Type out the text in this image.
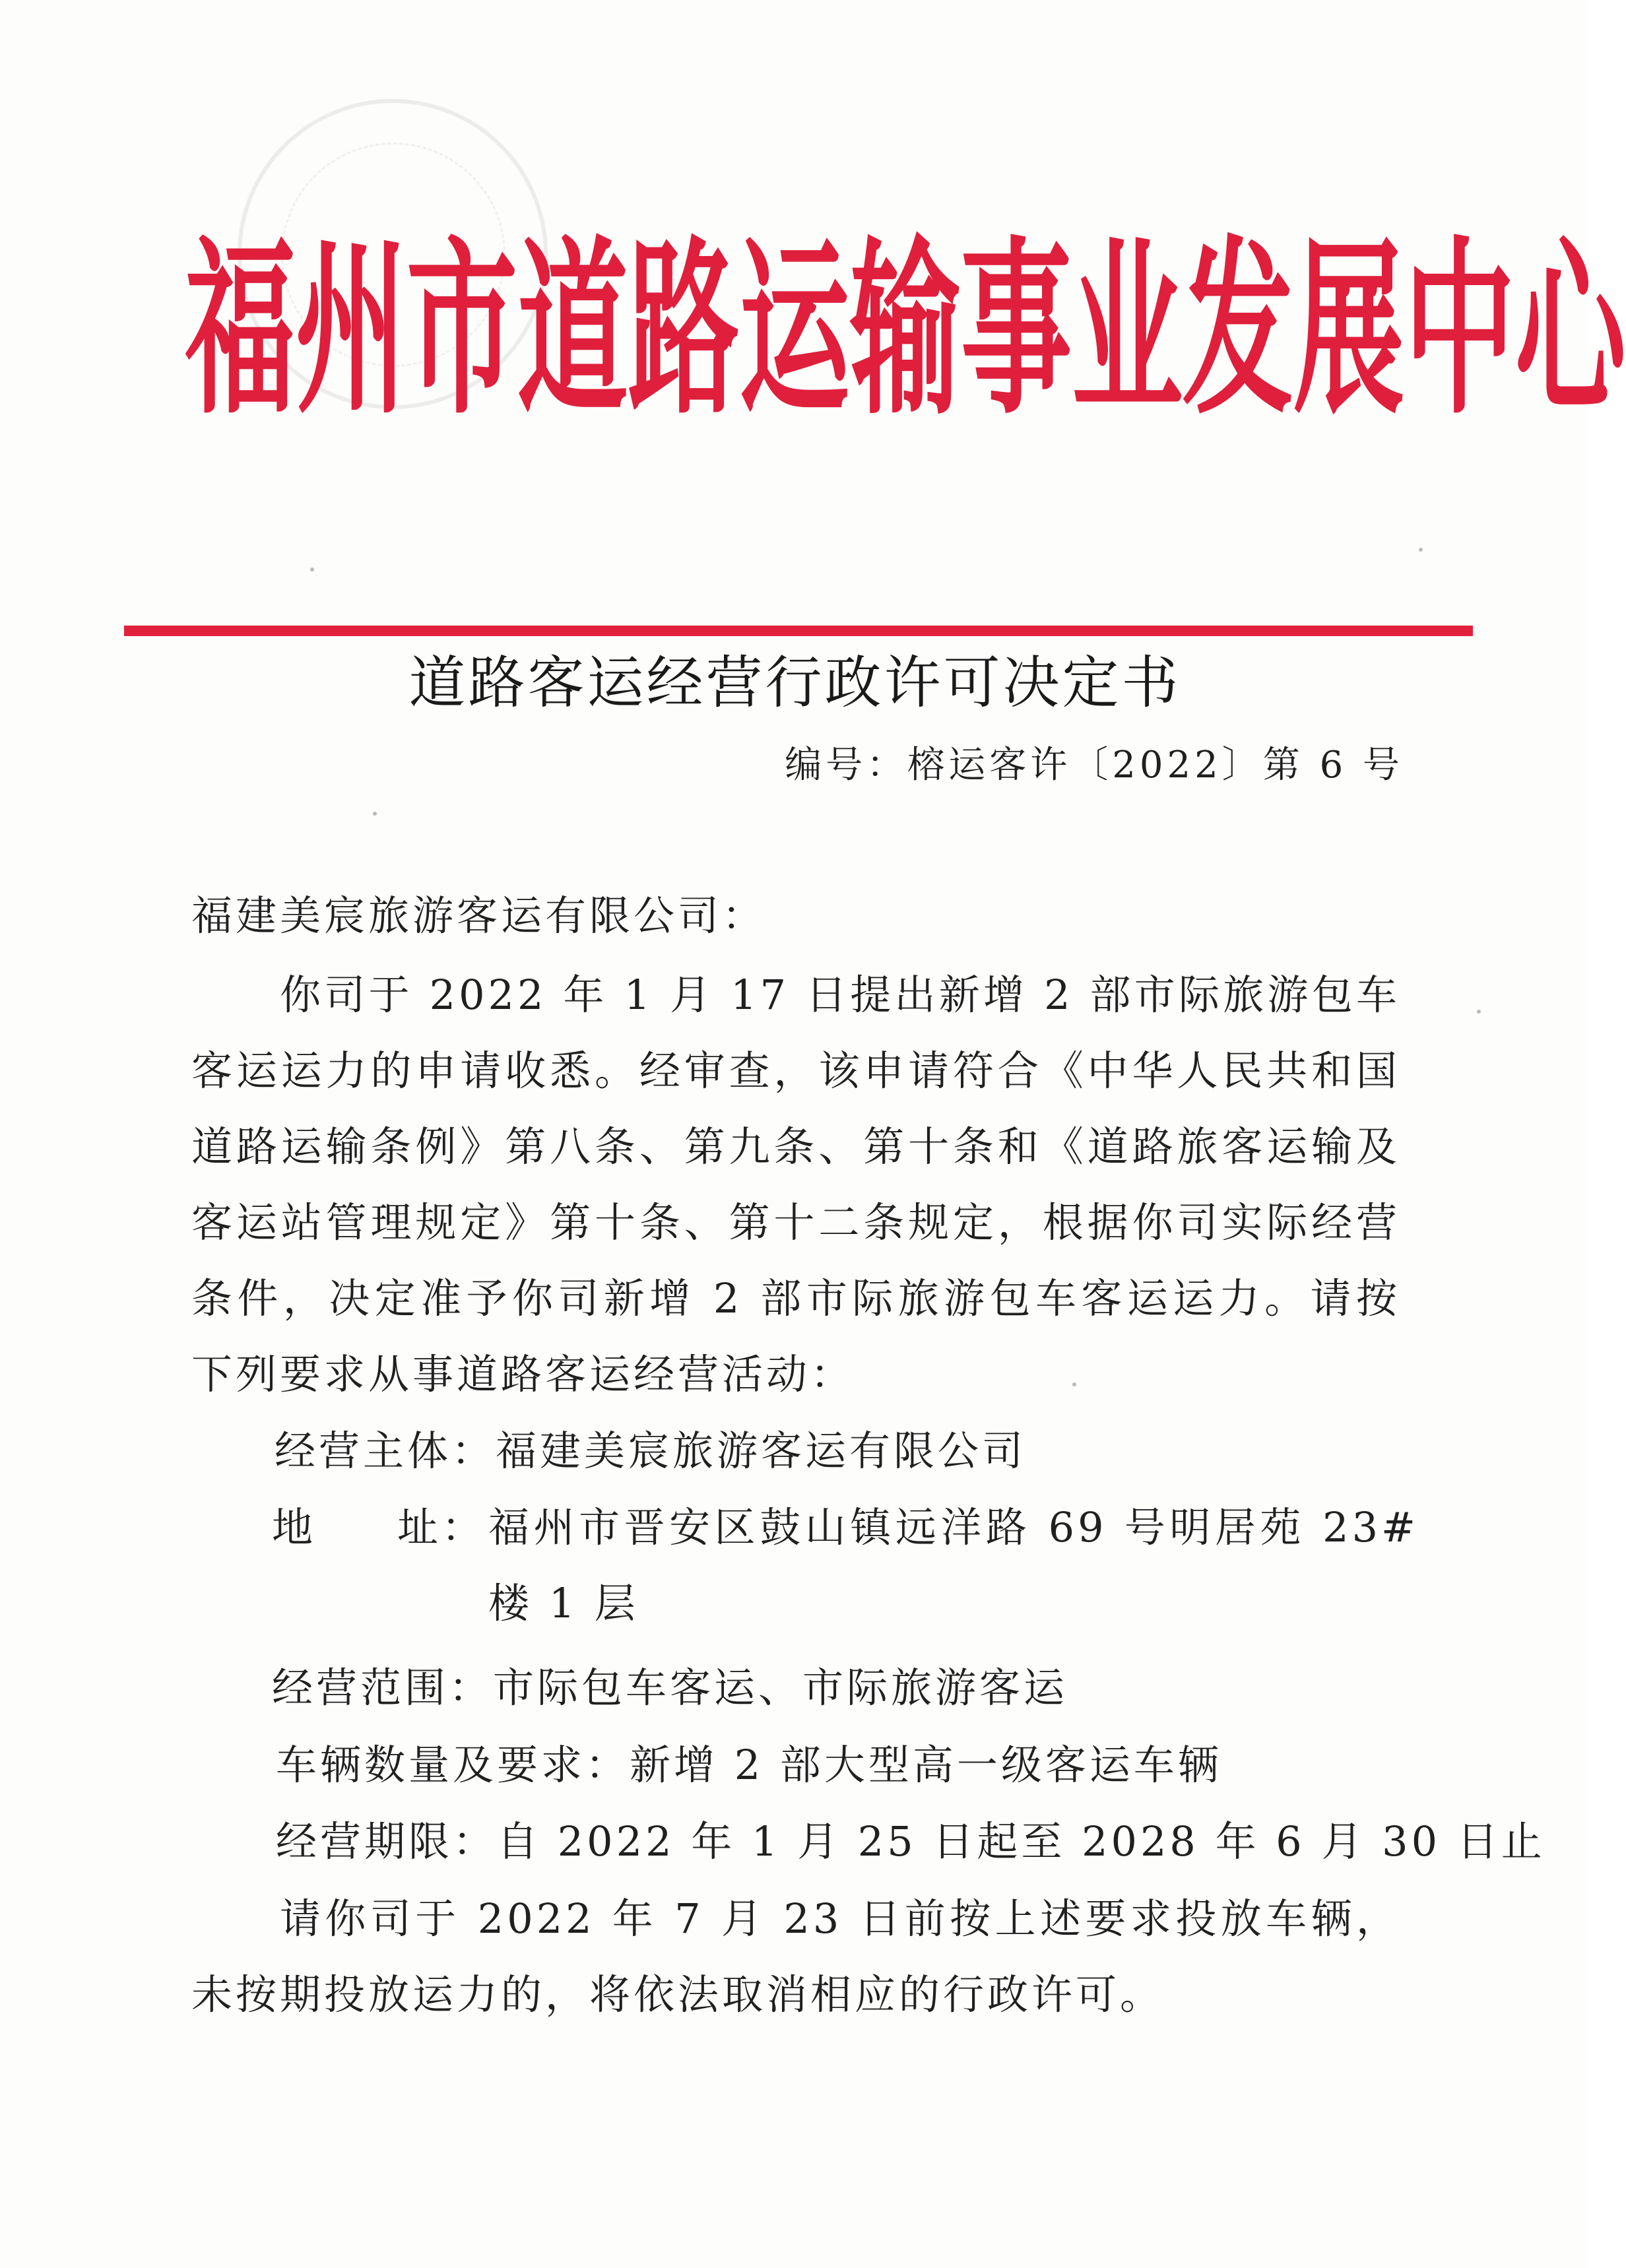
福 州 市 道 路 运 输 事 业 发 展 中 心
道路客运经营行政许可决定书
编号：榕运客许〔2022〕第 6 号
福建美宸旅游客运有限公司：
你司于 2022 年 1 月 17 日提出新增 2 部市际旅游包车客运运力的申请收悉。经审查，该申请符合《中华人民共和国道路运输条例》第八条、第九条、第十条和《道路旅客运输及客运站管理规定》第十条、第十二条规定，根据你司实际经营条件，决定准予你司新增 2 部市际旅游包车客运运力。请按下列要求从事道路客运经营活动：
经营主体：福建美宸旅游客运有限公司
地 址： 福州市晋安区鼓山镇远洋路 69 号明居苑 23#楼 1 层
经营范围：市际包车客运、市际旅游客运
车辆数量及要求：新增 2 部大型高一级客运车辆
经营期限：自 2022 年 1 月 25 日起至 2028 年 6 月 30 日止
请你司于 2022 年 7 月 23 日前按上述要求投放车辆，未按期投放运力的，将依法取消相应的行政许可。
